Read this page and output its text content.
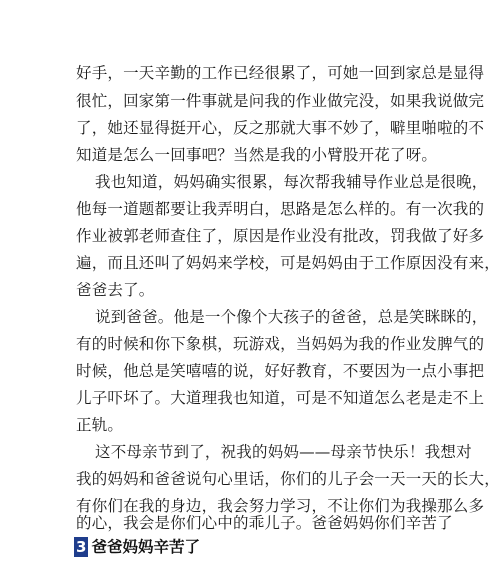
好手，一天辛勤的工作已经很累了，可她一回到家总是显得
很忙，回家第一件事就是问我的作业做完没，如果我说做完
了，她还显得挺开心，反之那就大事不妙了，噼里啪啦的不
知道是怎么一回事吧？当然是我的小臂股开花了呀。
我也知道，妈妈确实很累，每次帮我辅导作业总是很晚，
他每一道题都要让我弄明白，思路是怎么样的。有一次我的
作业被郭老师查住了，原因是作业没有批改，罚我做了好多
遍，而且还叫了妈妈来学校，可是妈妈由于工作原因没有来，
爸爸去了。
说到爸爸。他是一个像个大孩子的爸爸，总是笑眯眯的，
有的时候和你下象棋，玩游戏，当妈妈为我的作业发脾气的
时候，他总是笑嘻嘻的说，好好教育，不要因为一点小事把
儿子吓坏了。大道理我也知道，可是不知道怎么老是走不上
正轨。
这不母亲节到了，祝我的妈妈——母亲节快乐！我想对
我的妈妈和爸爸说句心里话，你们的儿子会一天一天的长大，
有你们在我的身边，我会努力学习，不让你们为我操那么多
的心，我会是你们心中的乖儿子。爸爸妈妈你们辛苦了
3 爸爸妈妈辛苦了
